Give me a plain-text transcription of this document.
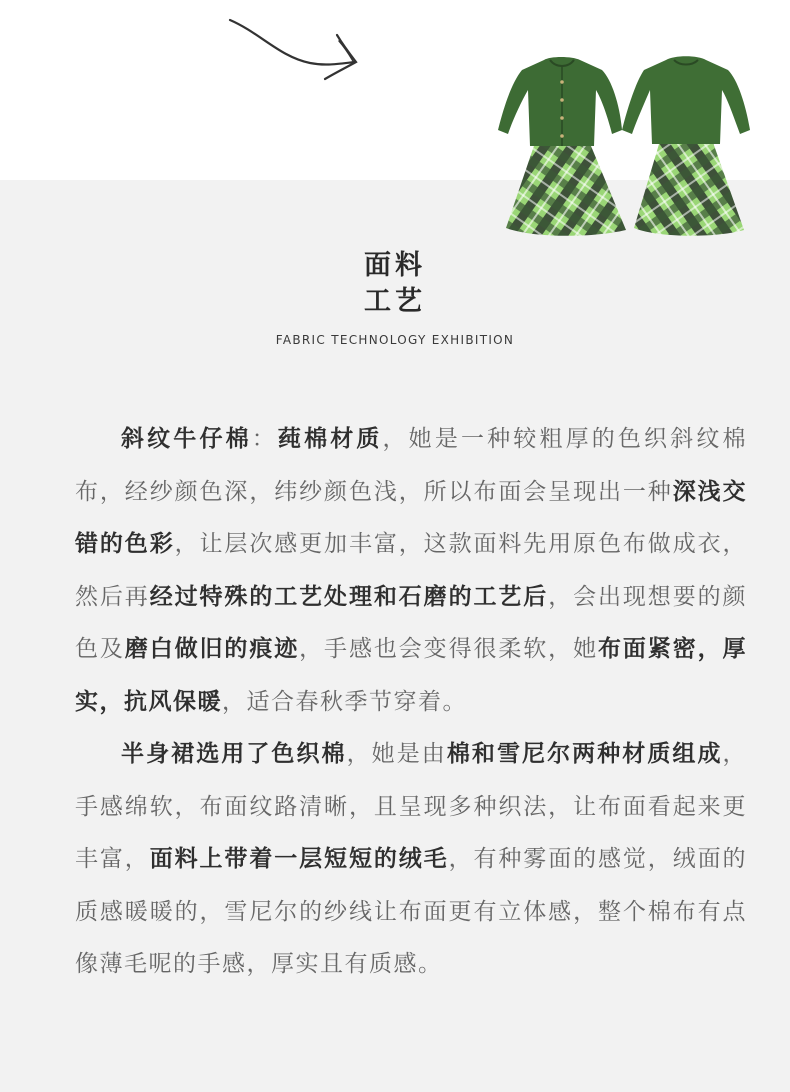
面料
工艺
FABRIC TECHNOLOGY EXHIBITION

斜纹牛仔棉：莼棉材质，她是一种较粗厚的色织斜纹棉布，经纱颜色深，纬纱颜色浅，所以布面会呈现出一种深浅交错的色彩，让层次感更加丰富，这款面料先用原色布做成衣，然后再经过特殊的工艺处理和石磨的工艺后，会出现想要的颜色及磨白做旧的痕迹，手感也会变得很柔软，她布面紧密，厚实，抗风保暖，适合春秋季节穿着。

半身裙选用了色织棉，她是由棉和雪尼尔两种材质组成，手感绵软，布面纹路清晰，且呈现多种织法，让布面看起来更丰富，面料上带着一层短短的绒毛，有种雾面的感觉，绒面的质感暖暖的，雪尼尔的纱线让布面更有立体感，整个棉布有点像薄毛呢的手感，厚实且有质感。
